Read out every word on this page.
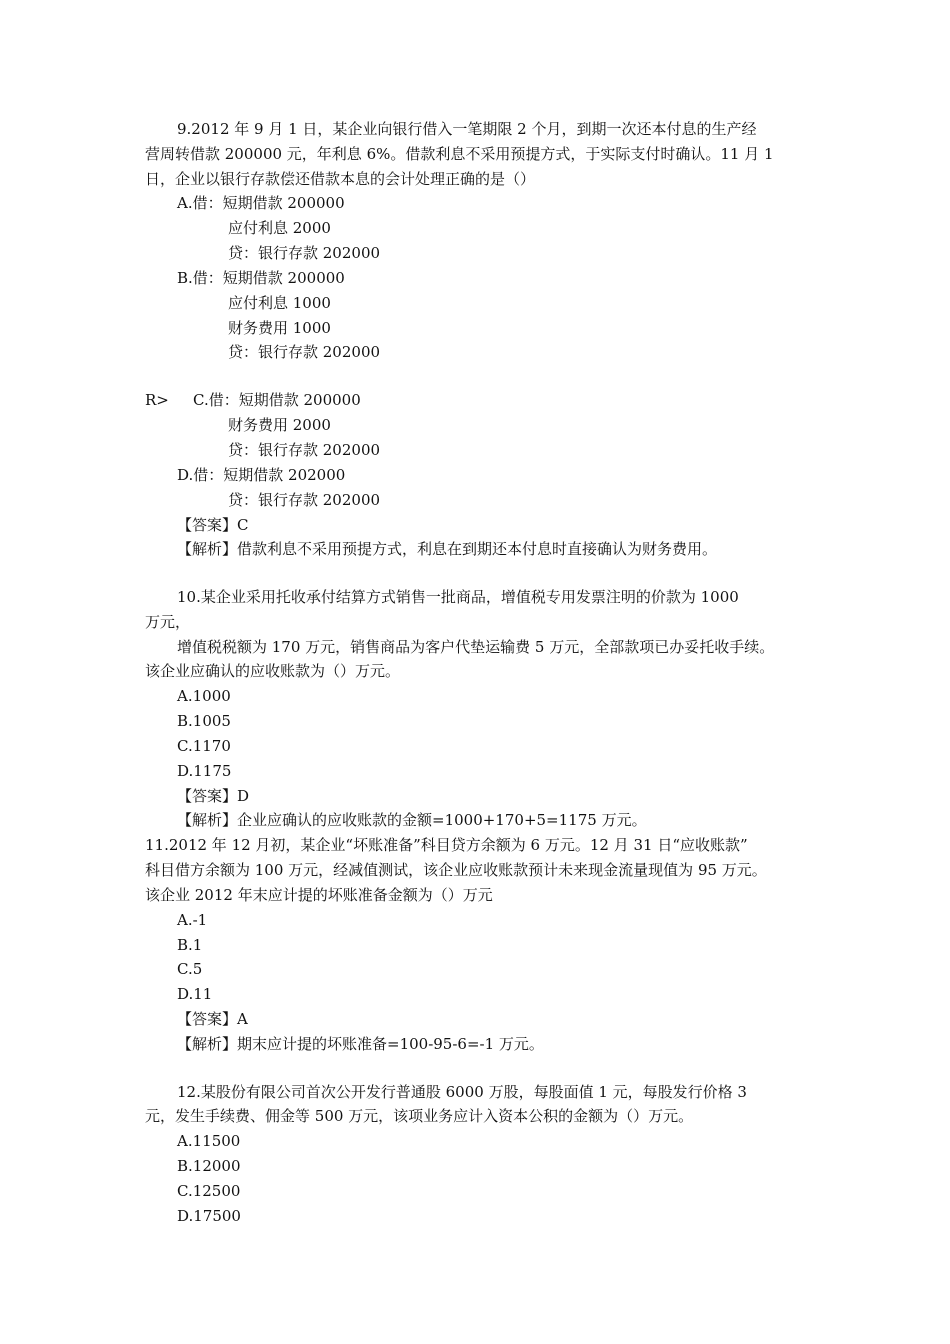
9.2012 年 9 月 1 日，某企业向银行借入一笔期限 2 个月，到期一次还本付息的生产经
营周转借款 200000 元，年利息 6%。借款利息不采用预提方式，于实际支付时确认。11 月 1
日，企业以银行存款偿还借款本息的会计处理正确的是（）
A.借：短期借款 200000
应付利息 2000
贷：银行存款 202000
B.借：短期借款 200000
应付利息 1000
财务费用 1000
贷：银行存款 202000
R> C.借：短期借款 200000
财务费用 2000
贷：银行存款 202000
D.借：短期借款 202000
贷：银行存款 202000
【答案】C
【解析】借款利息不采用预提方式，利息在到期还本付息时直接确认为财务费用。
10.某企业采用托收承付结算方式销售一批商品，增值税专用发票注明的价款为 1000
万元，
增值税税额为 170 万元，销售商品为客户代垫运输费 5 万元，全部款项已办妥托收手续。
该企业应确认的应收账款为（）万元。
A.1000
B.1005
C.1170
D.1175
【答案】D
【解析】企业应确认的应收账款的金额=1000+170+5=1175 万元。
11.2012 年 12 月初，某企业“坏账准备”科目贷方余额为 6 万元。12 月 31 日“应收账款”
科目借方余额为 100 万元，经减值测试，该企业应收账款预计未来现金流量现值为 95 万元。
该企业 2012 年末应计提的坏账准备金额为（）万元
A.-1
B.1
C.5
D.11
【答案】A
【解析】期末应计提的坏账准备=100-95-6=-1 万元。
12.某股份有限公司首次公开发行普通股 6000 万股，每股面值 1 元，每股发行价格 3
元，发生手续费、佣金等 500 万元，该项业务应计入资本公积的金额为（）万元。
A.11500
B.12000
C.12500
D.17500
